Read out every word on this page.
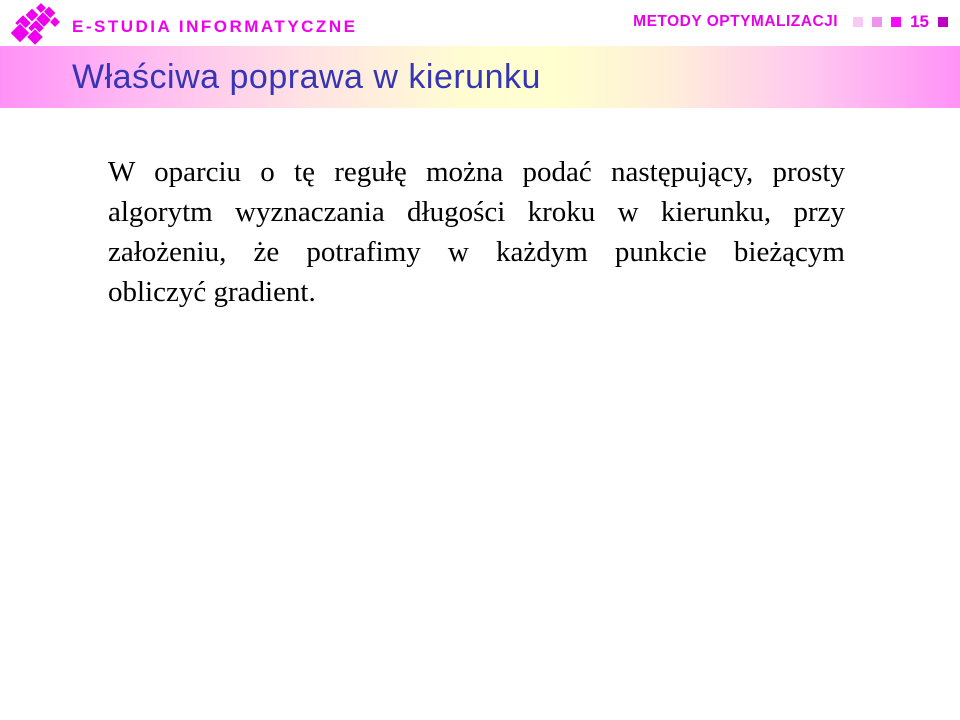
E-STUDIA INFORMATYCZNE	METODY OPTYMALIZACJI	15
Właściwa poprawa w kierunku
W oparciu o tę regułę można podać następujący, prosty
algorytm wyznaczania długości kroku w kierunku, przy
założeniu, że potrafimy w każdym punkcie bieżącym
obliczyć gradient.
